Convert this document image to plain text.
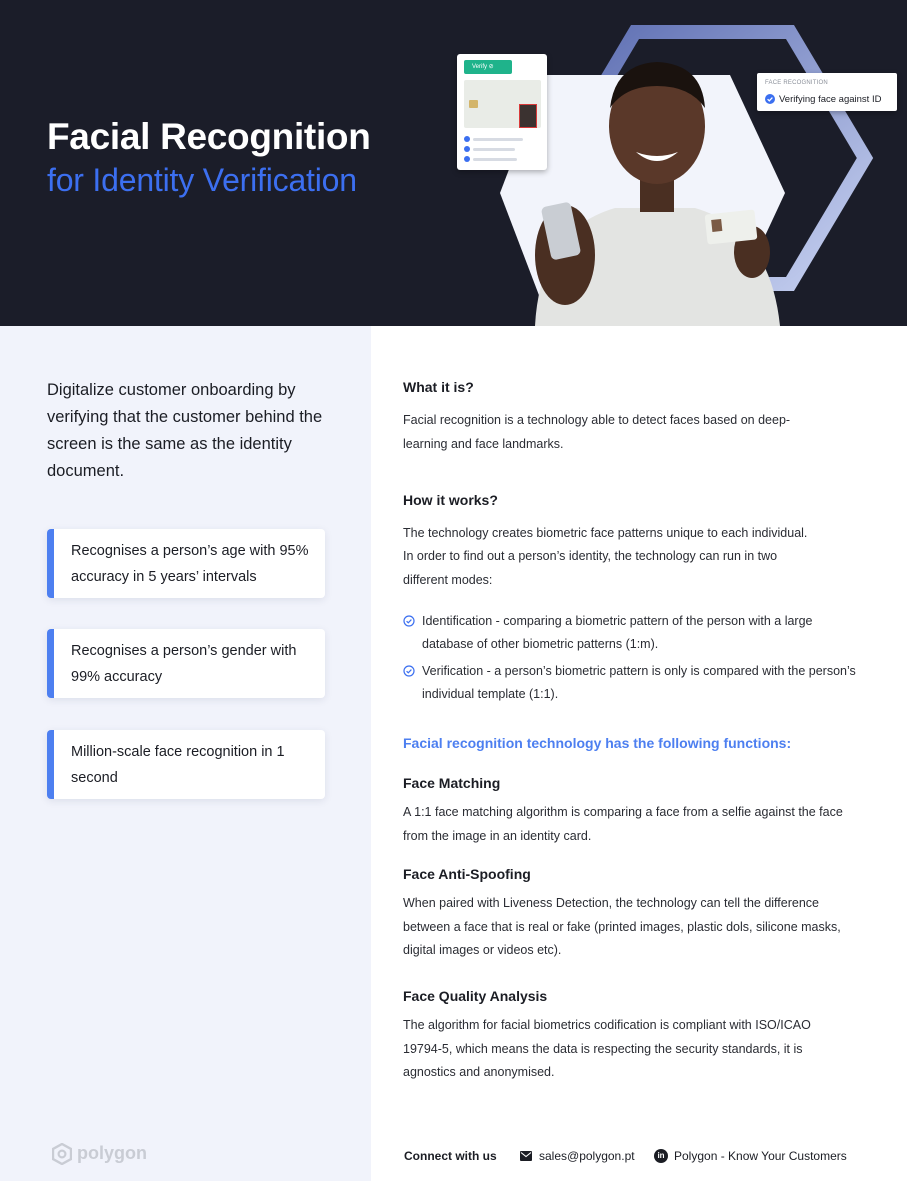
Facial Recognition
for Identity Verification
Verify ⊘
FACE RECOGNITION
Verifying face against ID

Digitalize customer onboarding by verifying that the customer behind the screen is the same as the identity document.

Recognises a person’s age with 95% accuracy in 5 years’ intervals
Recognises a person’s gender with 99% accuracy
Million-scale face recognition in 1 second
What it is?

Facial recognition is a technology able to detect faces based on deep-learning and face landmarks.

How it works?

The technology creates biometric face patterns unique to each individual.

In order to find out a person’s identity, the technology can run in two different modes:

Identification - comparing a biometric pattern of the person with a large database of other biometric patterns (1:m).
Verification - a person’s biometric pattern is only is compared with the person’s individual template (1:1).
Facial recognition technology has the following functions:
Face Matching

A 1:1 face matching algorithm is comparing a face from a selfie against the face from the image in an identity card.

Face Anti-Spoofing

When paired with Liveness Detection, the technology can tell the difference between a face that is real or fake (printed images, plastic dols, silicone masks, digital images or videos etc).

Face Quality Analysis

The algorithm for facial biometrics codification is compliant with ISO/ICAO 19794-5, which means the data is respecting the security standards, it is agnostics and anonymised.

polygon	Connect with us	sales@polygon.pt	in Polygon - Know Your Customers
